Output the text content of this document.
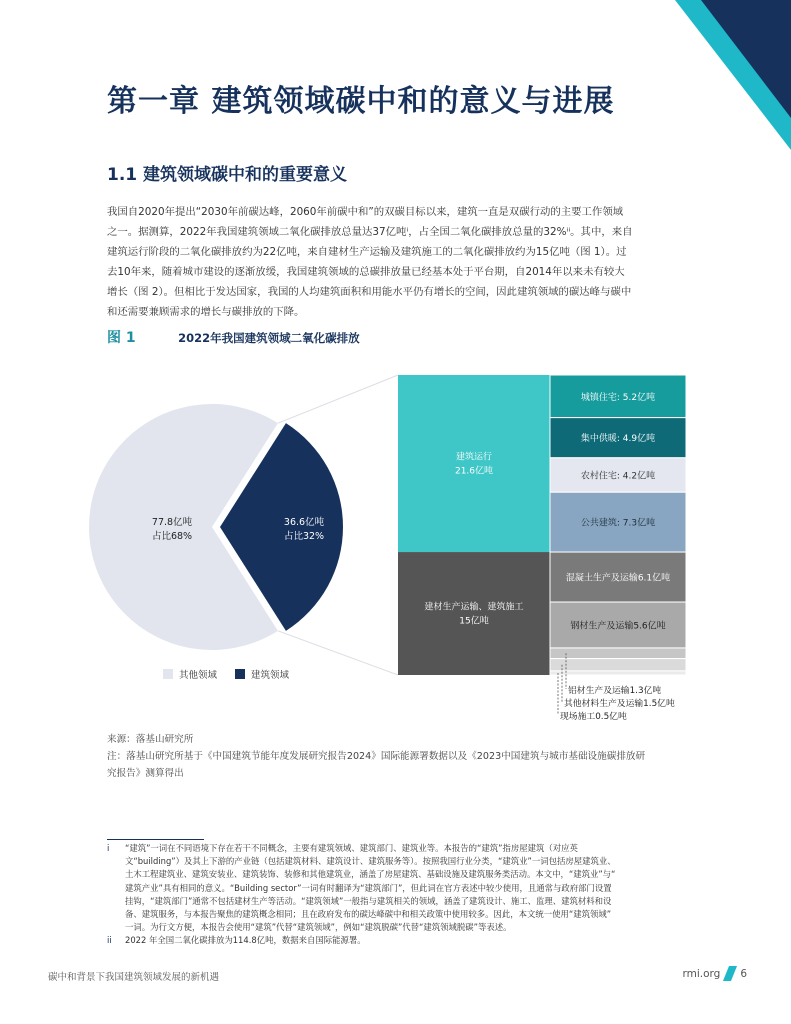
第一章 建筑领域碳中和的意义与进展
1.1 建筑领域碳中和的重要意义

我国自2020年提出“2030年前碳达峰，2060年前碳中和”的双碳目标以来，建筑一直是双碳行动的主要工作领域

之一。据测算，2022年我国建筑领域二氧化碳排放总量达37亿吨ⁱ，占全国二氧化碳排放总量的32%ⁱⁱ。其中，来自

建筑运行阶段的二氧化碳排放约为22亿吨，来自建材生产运输及建筑施工的二氧化碳排放约为15亿吨（图 1）。过

去10年来，随着城市建设的逐渐放缓，我国建筑领域的总碳排放量已经基本处于平台期，自2014年以来未有较大

增长（图 2）。但相比于发达国家，我国的人均建筑面积和用能水平仍有增长的空间，因此建筑领域的碳达峰与碳中

和还需要兼顾需求的增长与碳排放的下降。

图 1	2022年我国建筑领域二氧化碳排放
77.8亿吨
占比68%
36.6亿吨
占比32%
建筑运行
21.6亿吨
城镇住宅: 5.2亿吨
集中供暖: 4.9亿吨
农村住宅: 4.2亿吨
公共建筑: 7.3亿吨
建材生产运输、建筑施工
15亿吨
混凝土生产及运输6.1亿吨
钢材生产及运输5.6亿吨
铝材生产及运输1.3亿吨
其他材料生产及运输1.5亿吨
现场施工0.5亿吨
其他领域	建筑领域

来源：落基山研究所

注：落基山研究所基于《中国建筑节能年度发展研究报告2024》国际能源署数据以及《2023中国建筑与城市基础设施碳排放研

究报告》测算得出

i	“建筑”一词在不同语境下存在若干不同概念，主要有建筑领域、建筑部门、建筑业等。本报告的“建筑”指房屋建筑（对应英

文“building”）及其上下游的产业链（包括建筑材料、建筑设计、建筑服务等）。按照我国行业分类，“建筑业”一词包括房屋建筑业、

土木工程建筑业、建筑安装业、建筑装饰、装修和其他建筑业，涵盖了房屋建筑、基础设施及建筑服务类活动。本文中，“建筑业”与“

建筑产业”具有相同的意义。“Building sector”一词有时翻译为“建筑部门”，但此词在官方表述中较少使用，且通常与政府部门设置

挂钩，“建筑部门”通常不包括建材生产等活动。“建筑领域”一般指与建筑相关的领域，涵盖了建筑设计、施工、监理、建筑材料和设

备、建筑服务，与本报告聚焦的建筑概念相同；且在政府发布的碳达峰碳中和相关政策中使用较多。因此，本文统一使用“建筑领域”

一词。为行文方便，本报告会使用“建筑”代替“建筑领域”，例如“建筑脱碳”代替“建筑领域脱碳”等表述。

ii	2022 年全国二氧化碳排放为114.8亿吨，数据来自国际能源署。

碳中和背景下我国建筑领域发展的新机遇	rmi.org 6
